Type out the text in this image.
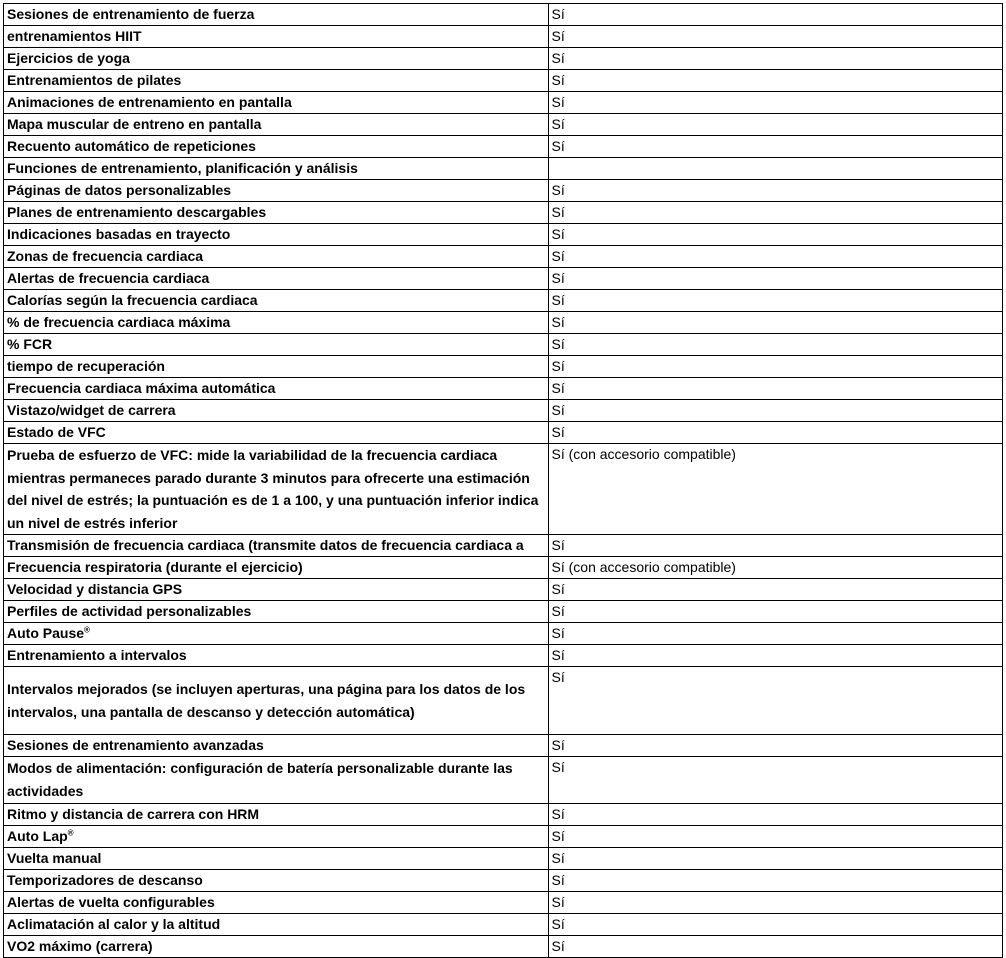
Sesiones de entrenamiento de fuerza	Sí
entrenamientos HIIT	Sí
Ejercicios de yoga	Sí
Entrenamientos de pilates	Sí
Animaciones de entrenamiento en pantalla	Sí
Mapa muscular de entreno en pantalla	Sí
Recuento automático de repeticiones	Sí
Funciones de entrenamiento, planificación y análisis	
Páginas de datos personalizables	Sí
Planes de entrenamiento descargables	Sí
Indicaciones basadas en trayecto	Sí
Zonas de frecuencia cardiaca	Sí
Alertas de frecuencia cardiaca	Sí
Calorías según la frecuencia cardiaca	Sí
% de frecuencia cardiaca máxima	Sí
% FCR	Sí
tiempo de recuperación	Sí
Frecuencia cardiaca máxima automática	Sí
Vistazo/widget de carrera	Sí
Estado de VFC	Sí
Prueba de esfuerzo de VFC: mide la variabilidad de la frecuencia cardiaca mientras permaneces parado durante 3 minutos para ofrecerte una estimación del nivel de estrés; la puntuación es de 1 a 100, y una puntuación inferior indica un nivel de estrés inferior	Sí (con accesorio compatible)
Transmisión de frecuencia cardiaca (transmite datos de frecuencia cardiaca a	Sí
Frecuencia respiratoria (durante el ejercicio)	Sí (con accesorio compatible)
Velocidad y distancia GPS	Sí
Perfiles de actividad personalizables	Sí
Auto Pause®	Sí
Entrenamiento a intervalos	Sí
Intervalos mejorados (se incluyen aperturas, una página para los datos de los intervalos, una pantalla de descanso y detección automática)	Sí
Sesiones de entrenamiento avanzadas	Sí
Modos de alimentación: configuración de batería personalizable durante las actividades	Sí
Ritmo y distancia de carrera con HRM	Sí
Auto Lap®	Sí
Vuelta manual	Sí
Temporizadores de descanso	Sí
Alertas de vuelta configurables	Sí
Aclimatación al calor y la altitud	Sí
VO2 máximo (carrera)	Sí
